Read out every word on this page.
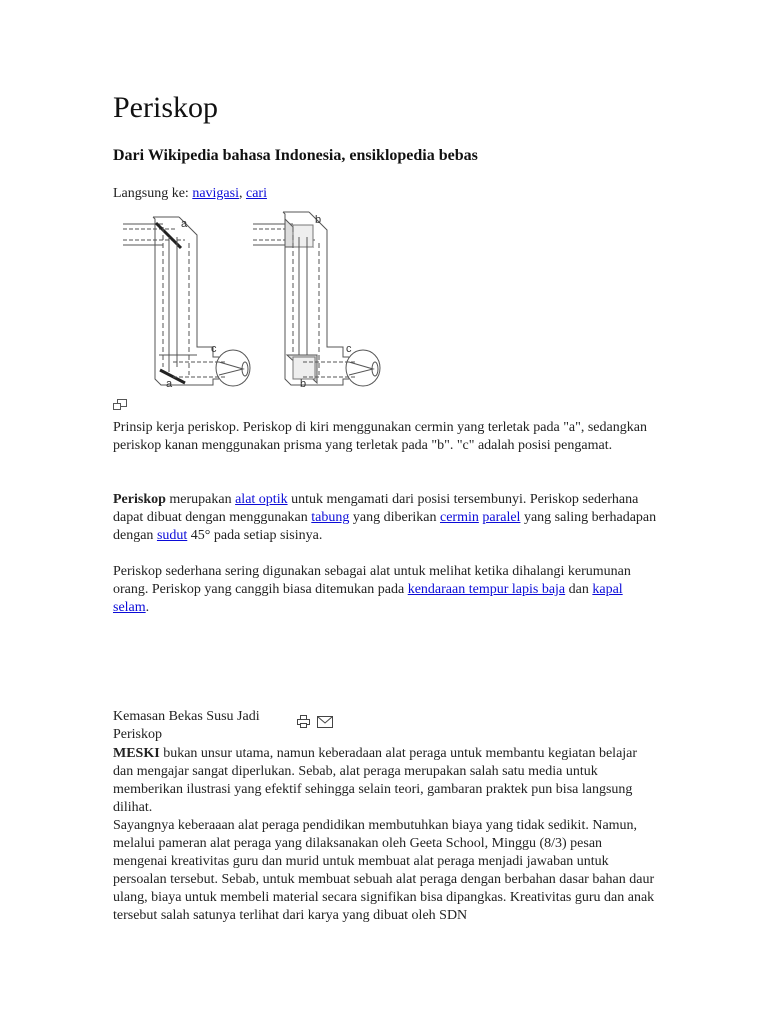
Periskop
Dari Wikipedia bahasa Indonesia, ensiklopedia bebas
Langsung ke: navigasi, cari
a
a
c
b
b
c
Prinsip kerja periskop. Periskop di kiri menggunakan cermin yang terletak pada "a", sedangkan periskop kanan menggunakan prisma yang terletak pada "b". "c" adalah posisi pengamat.
Periskop merupakan alat optik untuk mengamati dari posisi tersembunyi. Periskop sederhana dapat dibuat dengan menggunakan tabung yang diberikan cermin paralel yang saling berhadapan dengan sudut 45° pada setiap sisinya.
Periskop sederhana sering digunakan sebagai alat untuk melihat ketika dihalangi kerumunan orang. Periskop yang canggih biasa ditemukan pada kendaraan tempur lapis baja dan kapal selam.
Kemasan Bekas Susu Jadi Periskop

MESKI bukan unsur utama, namun keberadaan alat peraga untuk membantu kegiatan belajar dan mengajar sangat diperlukan. Sebab, alat peraga merupakan salah satu media untuk memberikan ilustrasi yang efektif sehingga selain teori, gambaran praktek pun bisa langsung dilihat.

Sayangnya keberaaan alat peraga pendidikan membutuhkan biaya yang tidak sedikit. Namun, melalui pameran alat peraga yang dilaksanakan oleh Geeta School, Minggu (8/3) pesan mengenai kreativitas guru dan murid untuk membuat alat peraga menjadi jawaban untuk persoalan tersebut. Sebab, untuk membuat sebuah alat peraga dengan berbahan dasar bahan daur ulang, biaya untuk membeli material secara signifikan bisa dipangkas. Kreativitas guru dan anak tersebut salah satunya terlihat dari karya yang dibuat oleh SDN
